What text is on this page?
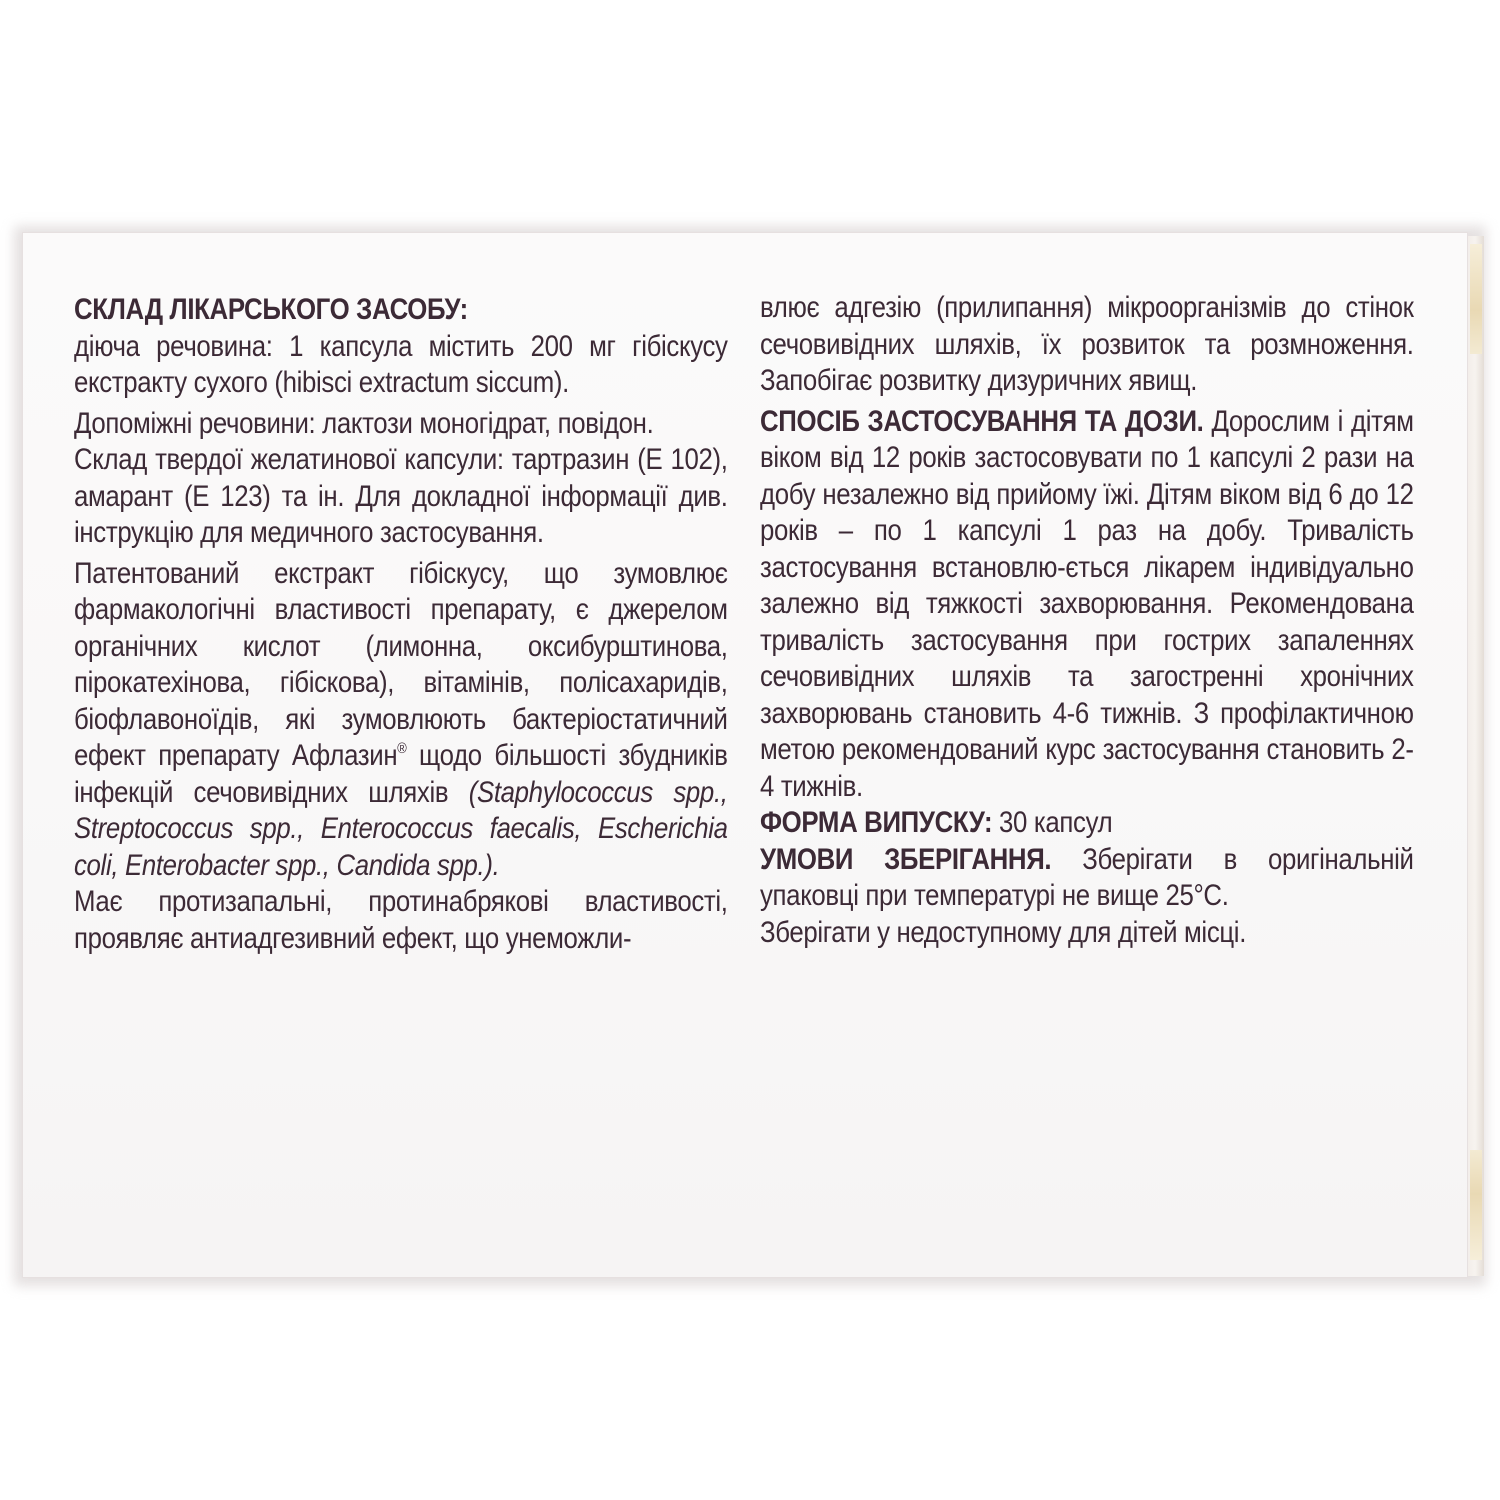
СКЛАД ЛІКАРСЬКОГО ЗАСОБУ:

діюча речовина: 1 капсула містить 200 мг гібіскусу екстракту сухого (hibisci extractum siccum).

Допоміжні речовини: лактози моногідрат, повідон.

Склад твердої желатинової капсули: тартразин (Е 102), амарант (Е 123) та ін. Для докладної інформації див. інструкцію для медичного застосування.

Патентований екстракт гібіскусу, що зумовлює фармакологічні властивості препарату, є джерелом органічних кислот (лимонна, оксибурштинова, пірокатехінова, гібіскова), вітамінів, полісахаридів, біофлавоноїдів, які зумовлюють бактеріостатичний ефект препарату Афлазин® щодо більшості збудників інфекцій сечовивідних шляхів (Staphylococcus spp., Streptococcus spp., Enterococcus faecalis, Escherichia coli, Enterobacter spp., Candida spp.).

Має протизапальні, протинабрякові властивості, проявляє антиадгезивний ефект, що унеможли-

влює адгезію (прилипання) мікроорганізмів до стінок сечовивідних шляхів, їх розвиток та розмноження. Запобігає розвитку дизуричних явищ.

СПОСІБ ЗАСТОСУВАННЯ ТА ДОЗИ. Дорослим і дітям віком від 12 років застосовувати по 1 капсулі 2 рази на добу незалежно від прийому їжі. Дітям віком від 6 до 12 років – по 1 капсулі 1 раз на добу. Тривалість застосування встановлю-ється лікарем індивідуально залежно від тяжкості захворювання. Рекомендована тривалість застосування при гострих запаленнях сечовивідних шляхів та загостренні хронічних захворювань становить 4-6 тижнів. З профілактичною метою рекомендований курс застосування становить 2-4 тижнів.

ФОРМА ВИПУСКУ: 30 капсул

УМОВИ ЗБЕРІГАННЯ. Зберігати в оригінальній упаковці при температурі не вище 25°С.

Зберігати у недоступному для дітей місці.
